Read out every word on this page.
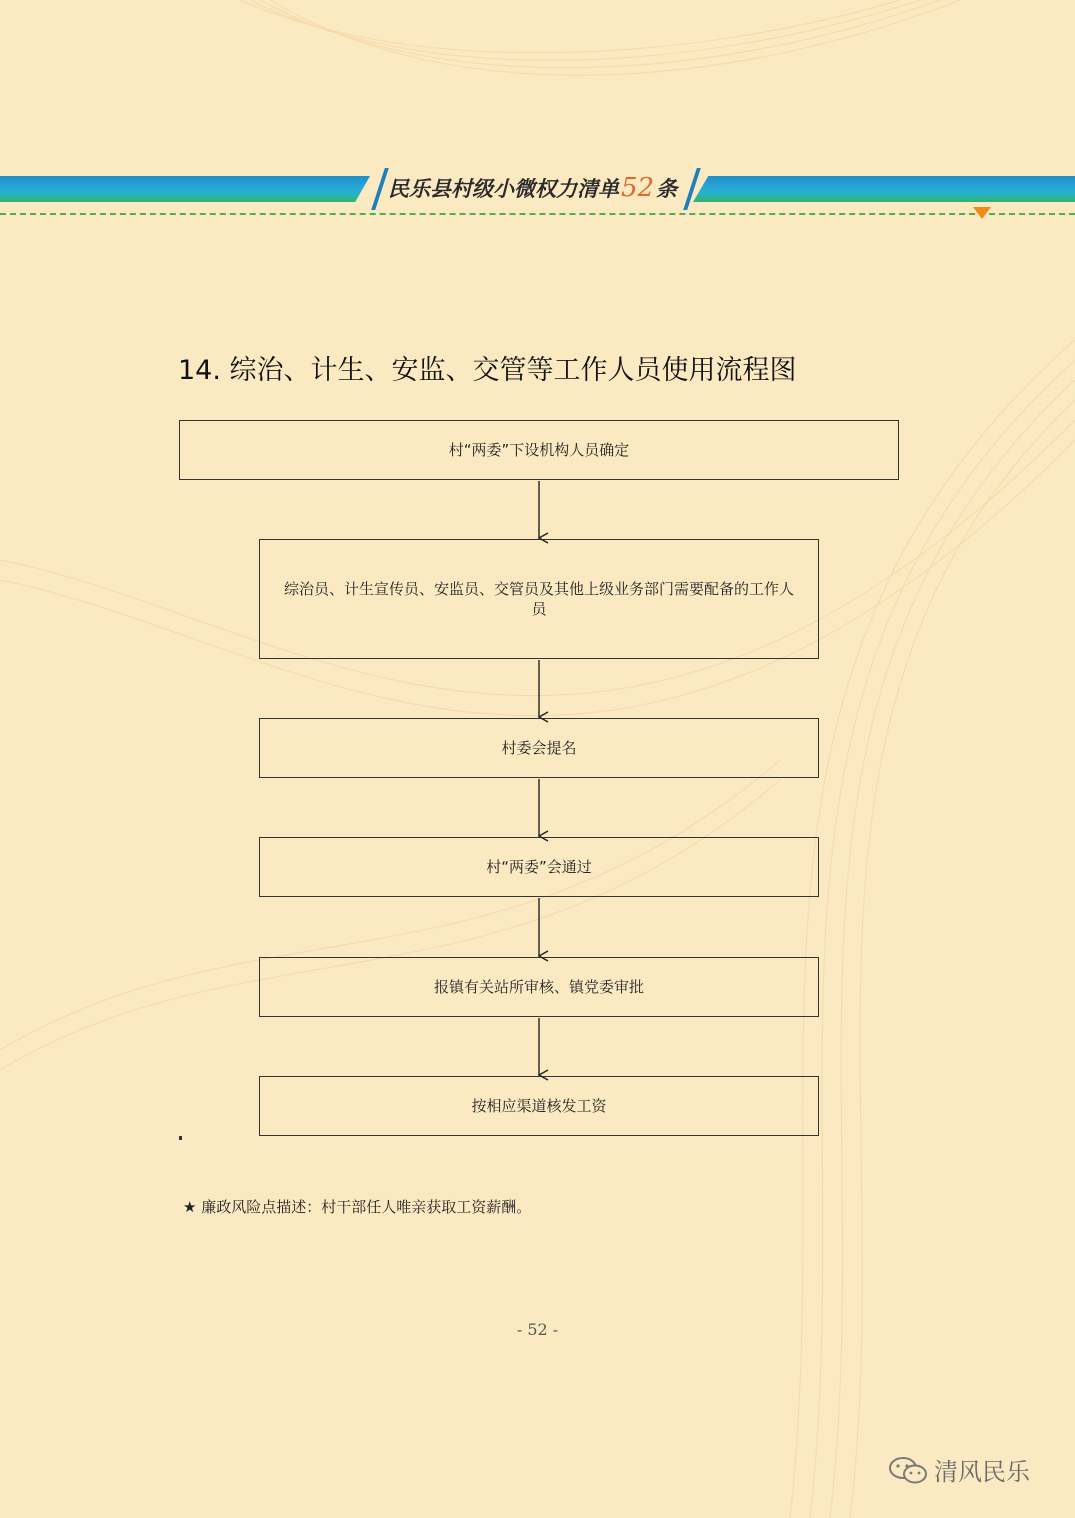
民乐县村级小微权力清单 52 条
14. 综治、计生、安监、交管等工作人员使用流程图
村“两委”下设机构人员确定
综治员、计生宣传员、安监员、交管员及其他上级业务部门需要配备的工作人员
村委会提名
村“两委”会通过
报镇有关站所审核、镇党委审批
按相应渠道核发工资
★ 廉政风险点描述：村干部任人唯亲获取工资薪酬。
- 52 -
清风民乐
